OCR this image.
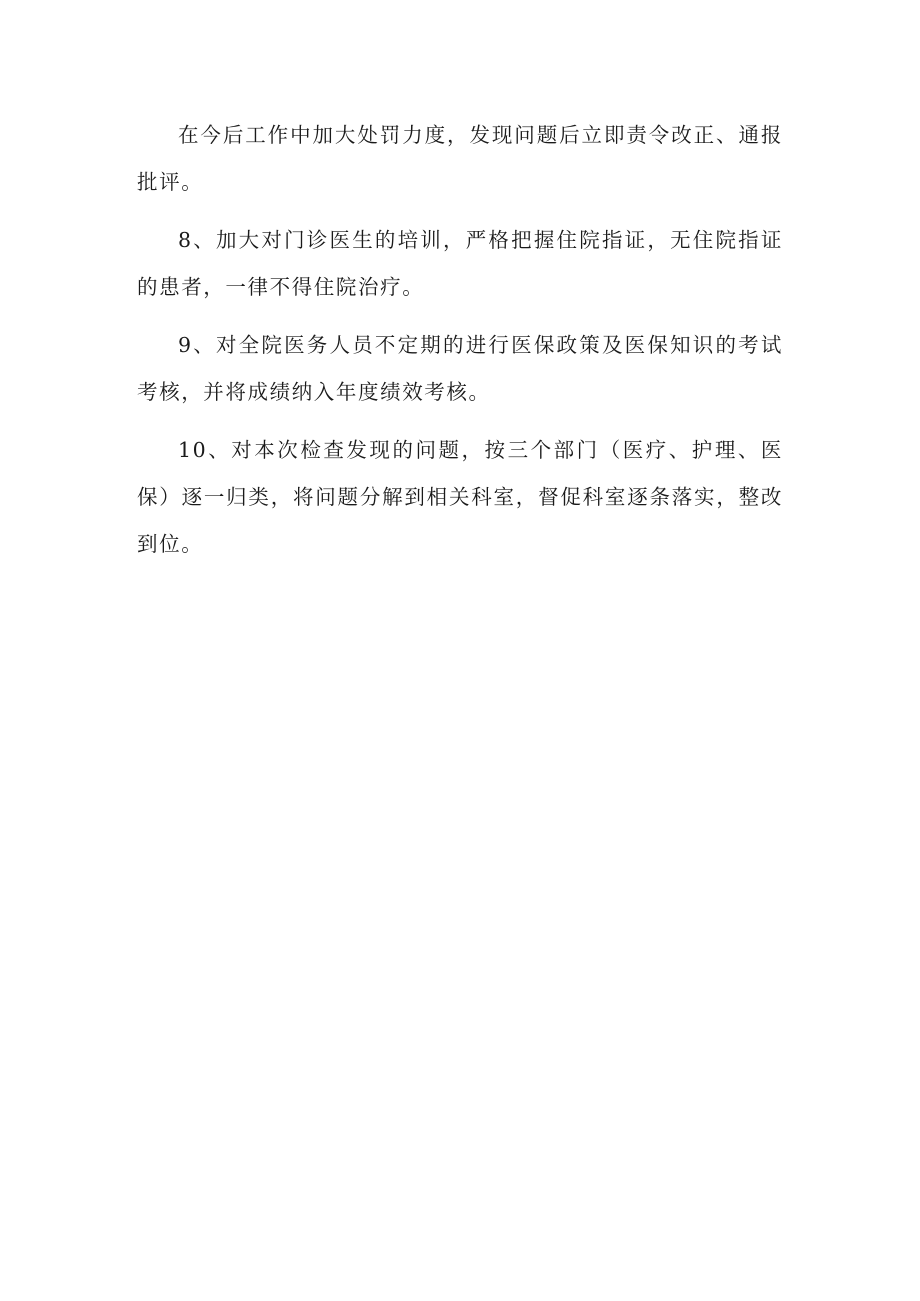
在今后工作中加大处罚力度，发现问题后立即责令改正、通报批评。

8、加大对门诊医生的培训，严格把握住院指证，无住院指证的患者，一律不得住院治疗。

9、对全院医务人员不定期的进行医保政策及医保知识的考试考核，并将成绩纳入年度绩效考核。

10、对本次检查发现的问题，按三个部门（医疗、护理、医保）逐一归类，将问题分解到相关科室，督促科室逐条落实，整改到位。
